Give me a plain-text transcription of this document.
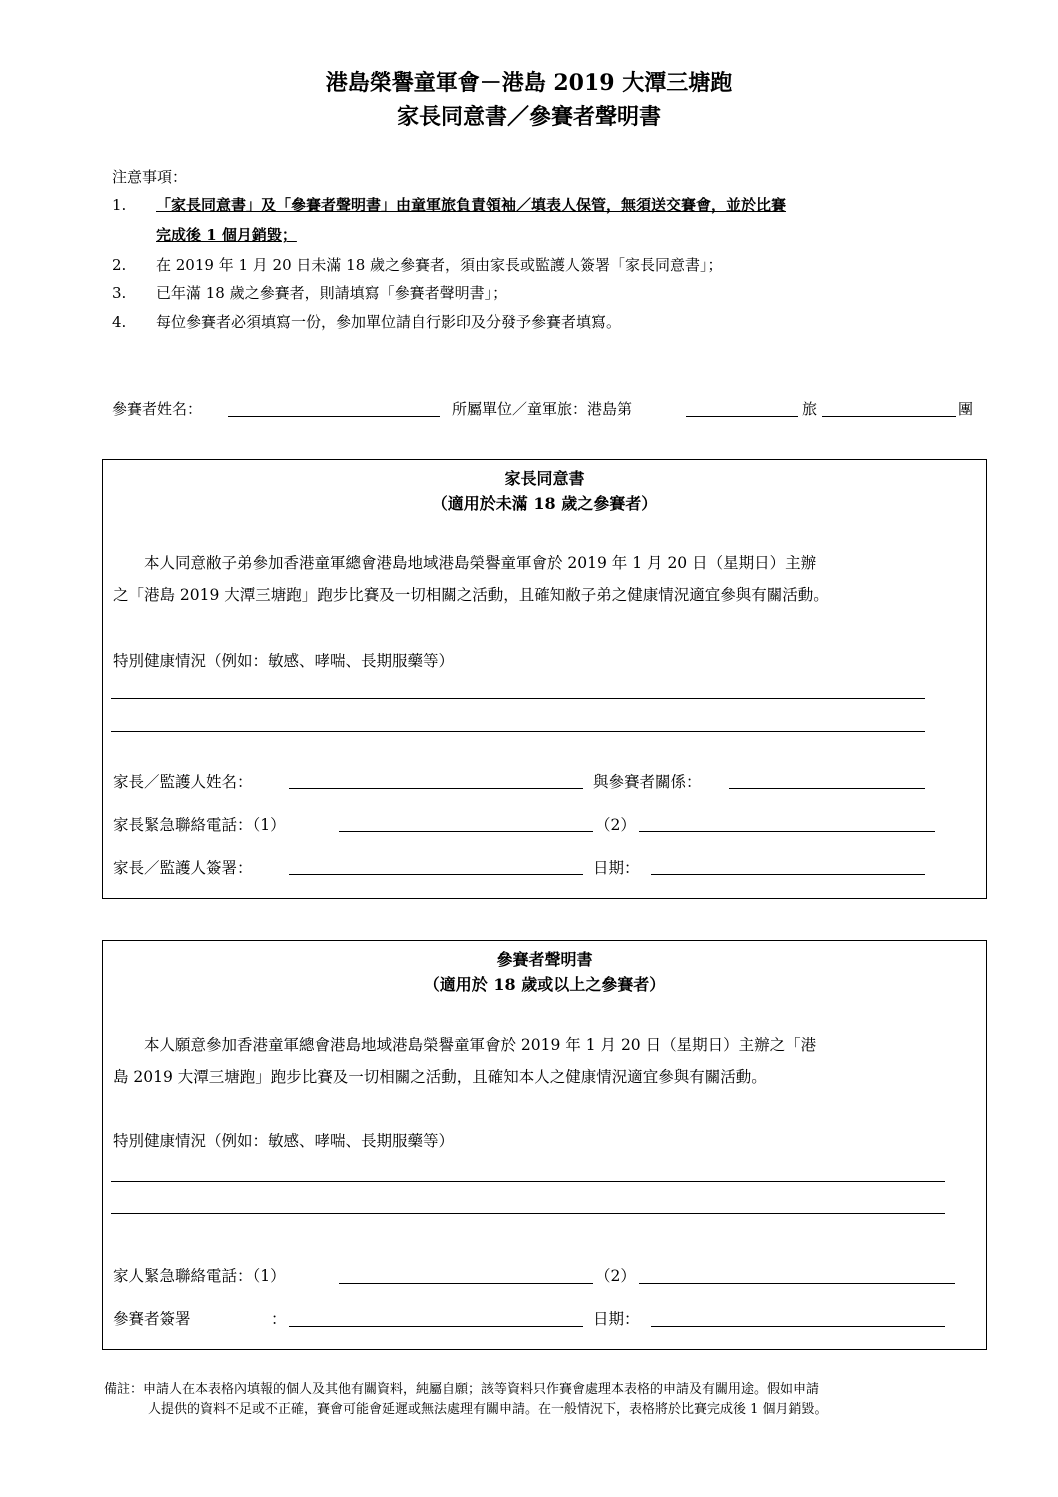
港島榮譽童軍會－港島 2019 大潭三塘跑
家長同意書／參賽者聲明書
注意事項：
1. 「家長同意書」及「參賽者聲明書」由童軍旅負責領袖／填表人保管，無須送交賽會，並於比賽
完成後 1 個月銷毀；
2. 在 2019 年 1 月 20 日未滿 18 歲之參賽者，須由家長或監護人簽署「家長同意書」；
3. 已年滿 18 歲之參賽者，則請填寫「參賽者聲明書」；
4. 每位參賽者必須填寫一份，參加單位請自行影印及分發予參賽者填寫。
參賽者姓名：	所屬單位／童軍旅：港島第	旅	團
家長同意書
（適用於未滿 18 歲之參賽者）
　　本人同意敝子弟參加香港童軍總會港島地域港島榮譽童軍會於 2019 年 1 月 20 日（星期日）主辦
之「港島 2019 大潭三塘跑」跑步比賽及一切相關之活動，且確知敝子弟之健康情況適宜參與有關活動。
特別健康情況（例如：敏感、哮喘、長期服藥等）
家長／監護人姓名：	與參賽者關係：
家長緊急聯絡電話：（1）	（2）
家長／監護人簽署：	日期：
參賽者聲明書
（適用於 18 歲或以上之參賽者）
　　本人願意參加香港童軍總會港島地域港島榮譽童軍會於 2019 年 1 月 20 日（星期日）主辦之「港
島 2019 大潭三塘跑」跑步比賽及一切相關之活動，且確知本人之健康情況適宜參與有關活動。
特別健康情況（例如：敏感、哮喘、長期服藥等）
家人緊急聯絡電話：（1）	（2）
參賽者簽署	：	日期：
備註：申請人在本表格內填報的個人及其他有關資料，純屬自願；該等資料只作賽會處理本表格的申請及有關用途。假如申請
人提供的資料不足或不正確，賽會可能會延遲或無法處理有關申請。在一般情況下，表格將於比賽完成後 1 個月銷毀。
